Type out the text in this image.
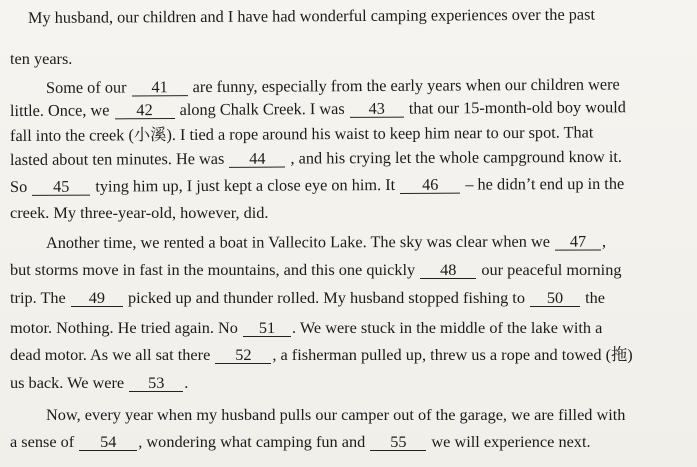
My husband, our children and I have had wonderful camping experiences over the past
ten years.
Some of our 41 are funny, especially from the early years when our children were
little. Once, we 42 along Chalk Creek. I was 43 that our 15-month-old boy would
fall into the creek (小溪). I tied a rope around his waist to keep him near to our spot. That
lasted about ten minutes. He was 44 , and his crying let the whole campground know it.
So 45 tying him up, I just kept a close eye on him. It 46 – he didn’t end up in the
creek. My three-year-old, however, did.
Another time, we rented a boat in Vallecito Lake. The sky was clear when we 47 ,
but storms move in fast in the mountains, and this one quickly 48 our peaceful morning
trip. The 49 picked up and thunder rolled. My husband stopped fishing to 50 the
motor. Nothing. He tried again. No 51 . We were stuck in the middle of the lake with a
dead motor. As we all sat there 52 , a fisherman pulled up, threw us a rope and towed (拖)
us back. We were 53 .
Now, every year when my husband pulls our camper out of the garage, we are filled with
a sense of 54 , wondering what camping fun and 55 we will experience next.
